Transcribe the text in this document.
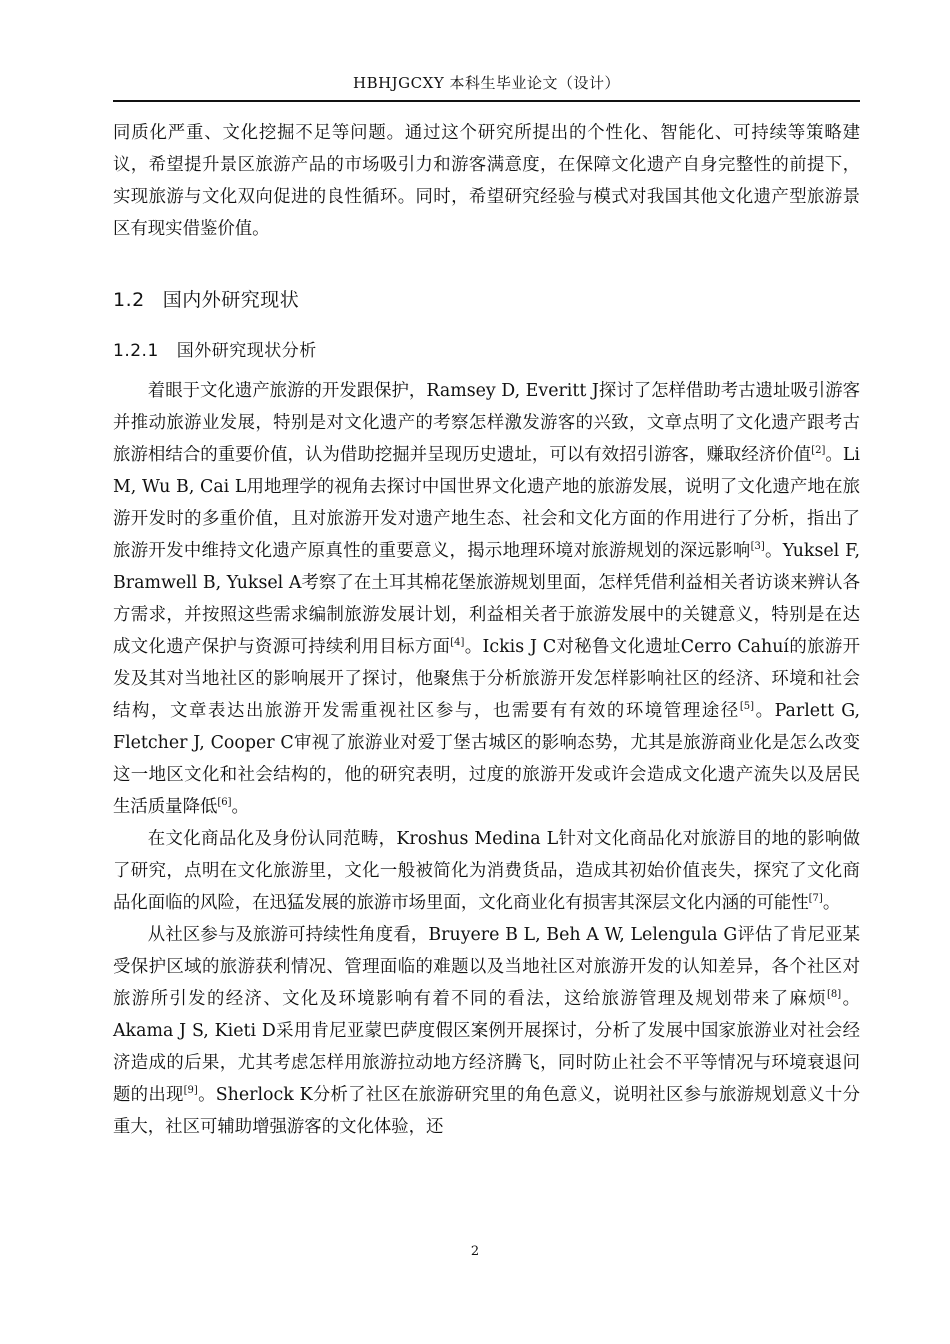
HBHJGCXY 本科生毕业论文（设计）

同质化严重、文化挖掘不足等问题。通过这个研究所提出的个性化、智能化、可持续等策略建议，希望提升景区旅游产品的市场吸引力和游客满意度，在保障文化遗产自身完整性的前提下，实现旅游与文化双向促进的良性循环。同时，希望研究经验与模式对我国其他文化遗产型旅游景区有现实借鉴价值。

1.2 国内外研究现状
1.2.1 国外研究现状分析

着眼于文化遗产旅游的开发跟保护，Ramsey D, Everitt J探讨了怎样借助考古遗址吸引游客并推动旅游业发展，特别是对文化遗产的考察怎样激发游客的兴致，文章点明了文化遗产跟考古旅游相结合的重要价值，认为借助挖掘并呈现历史遗址，可以有效招引游客，赚取经济价值[2]。Li M, Wu B, Cai L用地理学的视角去探讨中国世界文化遗产地的旅游发展，说明了文化遗产地在旅游开发时的多重价值，且对旅游开发对遗产地生态、社会和文化方面的作用进行了分析，指出了旅游开发中维持文化遗产原真性的重要意义，揭示地理环境对旅游规划的深远影响[3]。Yuksel F, Bramwell B, Yuksel A考察了在土耳其棉花堡旅游规划里面，怎样凭借利益相关者访谈来辨认各方需求，并按照这些需求编制旅游发展计划，利益相关者于旅游发展中的关键意义，特别是在达成文化遗产保护与资源可持续利用目标方面[4]。Ickis J C对秘鲁文化遗址Cerro Cahuí的旅游开发及其对当地社区的影响展开了探讨，他聚焦于分析旅游开发怎样影响社区的经济、环境和社会结构，文章表达出旅游开发需重视社区参与，也需要有有效的环境管理途径[5]。Parlett G, Fletcher J, Cooper C审视了旅游业对爱丁堡古城区的影响态势，尤其是旅游商业化是怎么改变这一地区文化和社会结构的，他的研究表明，过度的旅游开发或许会造成文化遗产流失以及居民生活质量降低[6]。

在文化商品化及身份认同范畴，Kroshus Medina L针对文化商品化对旅游目的地的影响做了研究，点明在文化旅游里，文化一般被简化为消费货品，造成其初始价值丧失，探究了文化商品化面临的风险，在迅猛发展的旅游市场里面，文化商业化有损害其深层文化内涵的可能性[7]。

从社区参与及旅游可持续性角度看，Bruyere B L, Beh A W, Lelengula G评估了肯尼亚某受保护区域的旅游获利情况、管理面临的难题以及当地社区对旅游开发的认知差异，各个社区对旅游所引发的经济、文化及环境影响有着不同的看法，这给旅游管理及规划带来了麻烦[8]。Akama J S, Kieti D采用肯尼亚蒙巴萨度假区案例开展探讨，分析了发展中国家旅游业对社会经济造成的后果，尤其考虑怎样用旅游拉动地方经济腾飞，同时防止社会不平等情况与环境衰退问题的出现[9]。Sherlock K分析了社区在旅游研究里的角色意义，说明社区参与旅游规划意义十分重大，社区可辅助增强游客的文化体验，还

2
